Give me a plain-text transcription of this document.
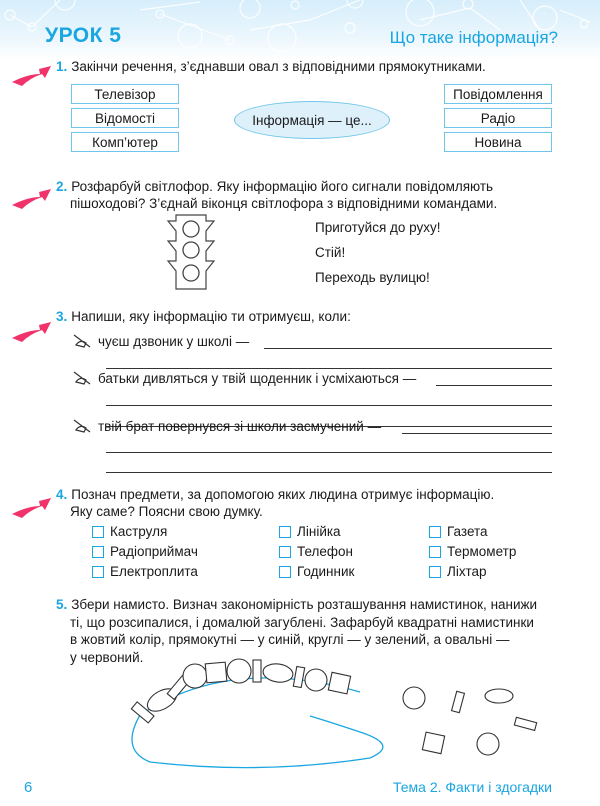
УРОК 5	Що таке інформація?
1. Закінчи речення, з’єднавши овал з відповідними прямокутниками.
Телевізор
Відомості
Комп’ютер
Інформація — це...
Повідомлення
Радіо
Новина
2. Розфарбуй світлофор. Яку інформацію його сигнали повідомляють
пішоходові? З’єднай віконця світлофора з відповідними командами.
Приготуйся до руху!
Стій!
Переходь вулицю!
3. Напиши, яку інформацію ти отримуєш, коли:
чуєш дзвоник у школі —
батьки дивляться у твій щоденник і усміхаються —
твій брат повернувся зі школи засмучений —
4. Познач предмети, за допомогою яких людина отримує інформацію.
Яку саме? Поясни свою думку.
Каструля
Радіоприймач
Електроплита
Лінійка
Телефон
Годинник
Газета
Термометр
Ліхтар
5. Збери намисто. Визнач закономірність розташування намистинок, нанижи
ті, що розсипалися, і домалюй загублені. Зафарбуй квадратні намистинки
в жовтий колір, прямокутні — у синій, круглі — у зелений, а овальні —
у червоний.
6	Тема 2. Факти і здогадки
